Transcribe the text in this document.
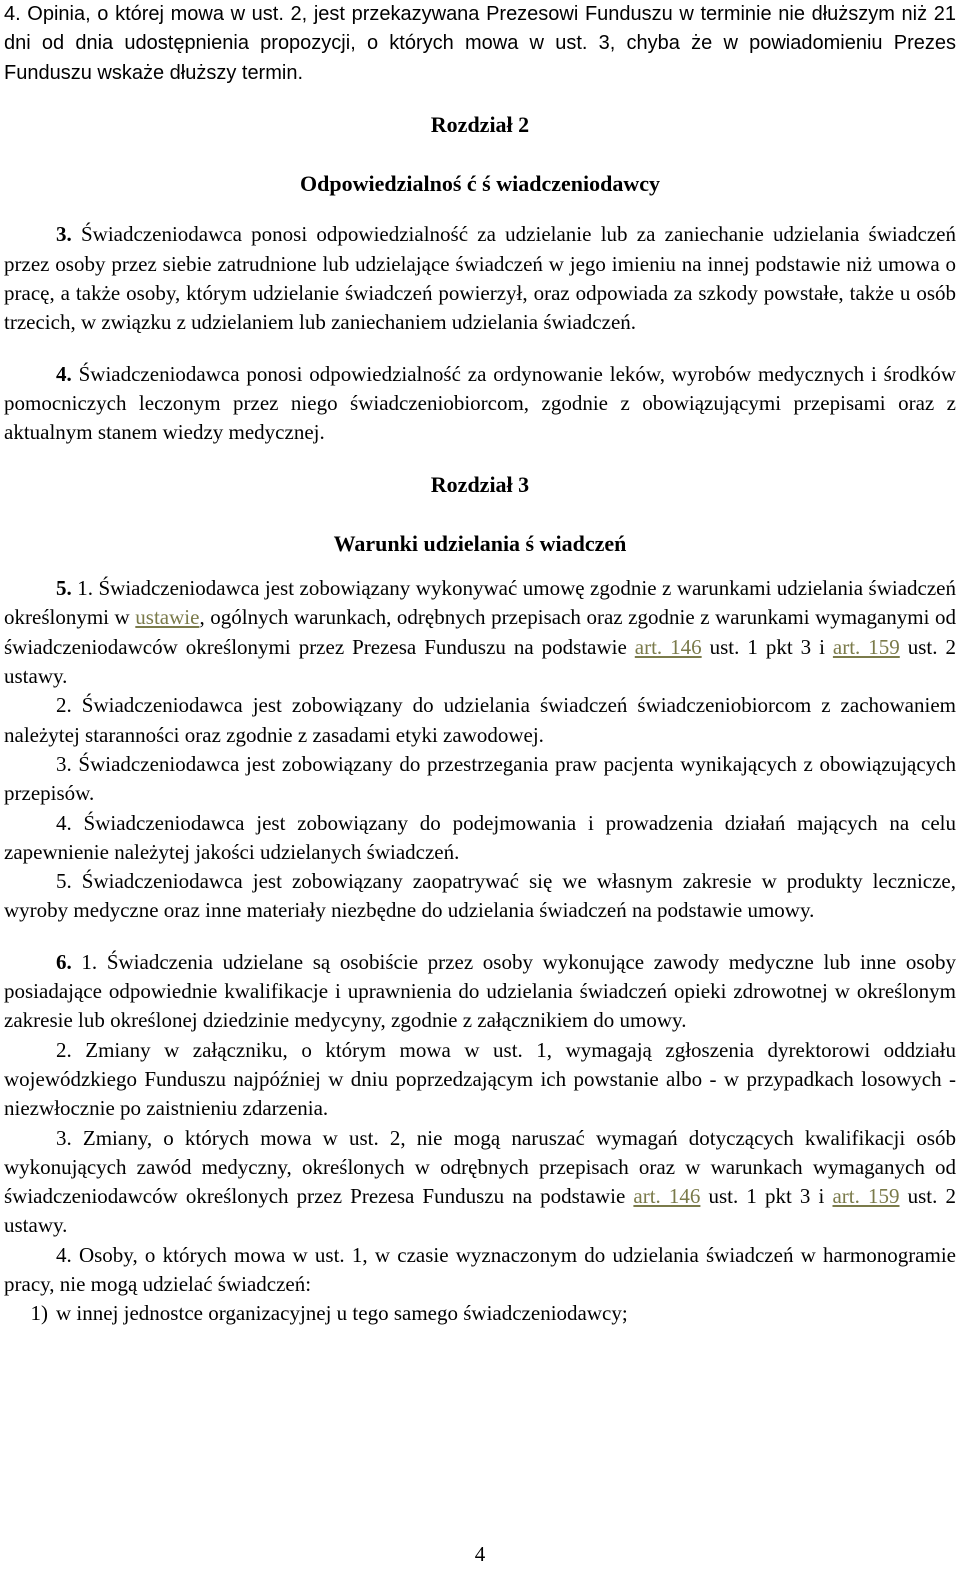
4. Opinia, o której mowa w ust. 2, jest przekazywana Prezesowi Funduszu w terminie nie dłuższym niż 21 dni od dnia udostępnienia propozycji, o których mowa w ust. 3, chyba że w powiadomieniu Prezes Funduszu wskaże dłuższy termin.

Rozdział 2

Odpowiedzialnoś ć ś wiadczeniodawcy

3. Świadczeniodawca ponosi odpowiedzialność za udzielanie lub za zaniechanie udzielania świadczeń przez osoby przez siebie zatrudnione lub udzielające świadczeń w jego imieniu na innej podstawie niż umowa o pracę, a także osoby, którym udzielanie świadczeń powierzył, oraz odpowiada za szkody powstałe, także u osób trzecich, w związku z udzielaniem lub zaniechaniem udzielania świadczeń.

4. Świadczeniodawca ponosi odpowiedzialność za ordynowanie leków, wyrobów medycznych i środków pomocniczych leczonym przez niego świadczeniobiorcom, zgodnie z obowiązującymi przepisami oraz z aktualnym stanem wiedzy medycznej.

Rozdział 3

Warunki udzielania ś wiadczeń

5. 1. Świadczeniodawca jest zobowiązany wykonywać umowę zgodnie z warunkami udzielania świadczeń określonymi w ustawie, ogólnych warunkach, odrębnych przepisach oraz zgodnie z warunkami wymaganymi od świadczeniodawców określonymi przez Prezesa Funduszu na podstawie art. 146 ust. 1 pkt 3 i art. 159 ust. 2 ustawy.

2. Świadczeniodawca jest zobowiązany do udzielania świadczeń świadczeniobiorcom z zachowaniem należytej staranności oraz zgodnie z zasadami etyki zawodowej.

3. Świadczeniodawca jest zobowiązany do przestrzegania praw pacjenta wynikających z obowiązujących przepisów.

4. Świadczeniodawca jest zobowiązany do podejmowania i prowadzenia działań mających na celu zapewnienie należytej jakości udzielanych świadczeń.

5. Świadczeniodawca jest zobowiązany zaopatrywać się we własnym zakresie w produkty lecznicze, wyroby medyczne oraz inne materiały niezbędne do udzielania świadczeń na podstawie umowy.

6. 1. Świadczenia udzielane są osobiście przez osoby wykonujące zawody medyczne lub inne osoby posiadające odpowiednie kwalifikacje i uprawnienia do udzielania świadczeń opieki zdrowotnej w określonym zakresie lub określonej dziedzinie medycyny, zgodnie z załącznikiem do umowy.

2. Zmiany w załączniku, o którym mowa w ust. 1, wymagają zgłoszenia dyrektorowi oddziału wojewódzkiego Funduszu najpóźniej w dniu poprzedzającym ich powstanie albo - w przypadkach losowych - niezwłocznie po zaistnieniu zdarzenia.

3. Zmiany, o których mowa w ust. 2, nie mogą naruszać wymagań dotyczących kwalifikacji osób wykonujących zawód medyczny, określonych w odrębnych przepisach oraz w warunkach wymaganych od świadczeniodawców określonych przez Prezesa Funduszu na podstawie art. 146 ust. 1 pkt 3 i art. 159 ust. 2 ustawy.

4. Osoby, o których mowa w ust. 1, w czasie wyznaczonym do udzielania świadczeń w harmonogramie pracy, nie mogą udzielać świadczeń:

1) w innej jednostce organizacyjnej u tego samego świadczeniodawcy;
4
